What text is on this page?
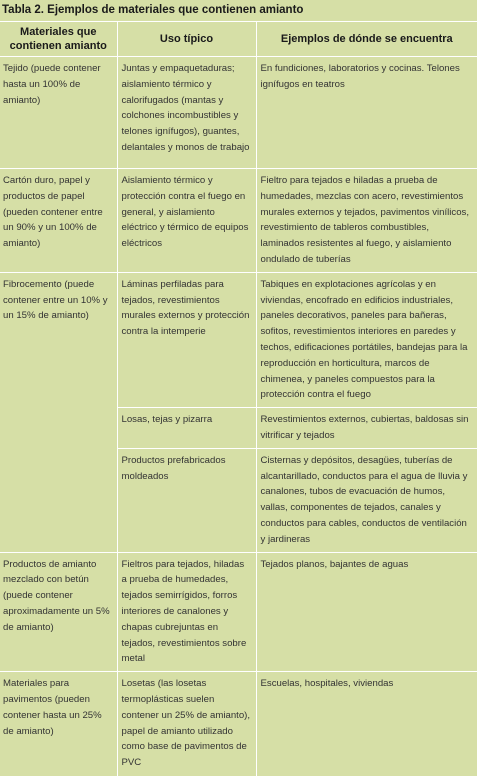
Tabla 2. Ejemplos de materiales que contienen amianto
Materiales que contienen amianto	Uso típico	Ejemplos de dónde se encuentra
Tejido (puede contener hasta un 100% de amianto)	Juntas y empaquetaduras; aislamiento térmico y calorifugados (mantas y colchones incombustibles y telones ignífugos), guantes, delantales y monos de trabajo	En fundiciones, laboratorios y cocinas. Telones ignífugos en teatros
Cartón duro, papel y productos de papel (pueden contener entre un 90% y un 100% de amianto)	Aislamiento térmico y protección contra el fuego en general, y aislamiento eléctrico y térmico de equipos eléctricos	Fieltro para tejados e hiladas a prueba de humedades, mezclas con acero, revestimientos murales externos y tejados, pavimentos vinílicos, revestimiento de tableros combustibles, laminados resistentes al fuego, y aislamiento ondulado de tuberías
Fibrocemento (puede contener entre un 10% y un 15% de amianto)	Láminas perfiladas para tejados, revestimientos murales externos y protección contra la intemperie	Tabiques en explotaciones agrícolas y en viviendas, encofrado en edificios industriales, paneles decorativos, paneles para bañeras, sofitos, revestimientos interiores en paredes y techos, edificaciones portátiles, bandejas para la reproducción en horticultura, marcos de chimenea, y paneles compuestos para la protección contra el fuego
	Losas, tejas y pizarra	Revestimientos externos, cubiertas, baldosas sin vitrificar y tejados
	Productos prefabricados moldeados	Cisternas y depósitos, desagües, tuberías de alcantarillado, conductos para el agua de lluvia y canalones, tubos de evacuación de humos, vallas, componentes de tejados, canales y conductos para cables, conductos de ventilación y jardineras
Productos de amianto mezclado con betún (puede contener aproximadamente un 5% de amianto)	Fieltros para tejados, hiladas a prueba de humedades, tejados semirrígidos, forros interiores de canalones y chapas cubrejuntas en tejados, revestimientos sobre metal	Tejados planos, bajantes de aguas
Materiales para pavimentos (pueden contener hasta un 25% de amianto)	Losetas (las losetas termoplásticas suelen contener un 25% de amianto), papel de amianto utilizado como base de pavimentos de PVC	Escuelas, hospitales, viviendas
